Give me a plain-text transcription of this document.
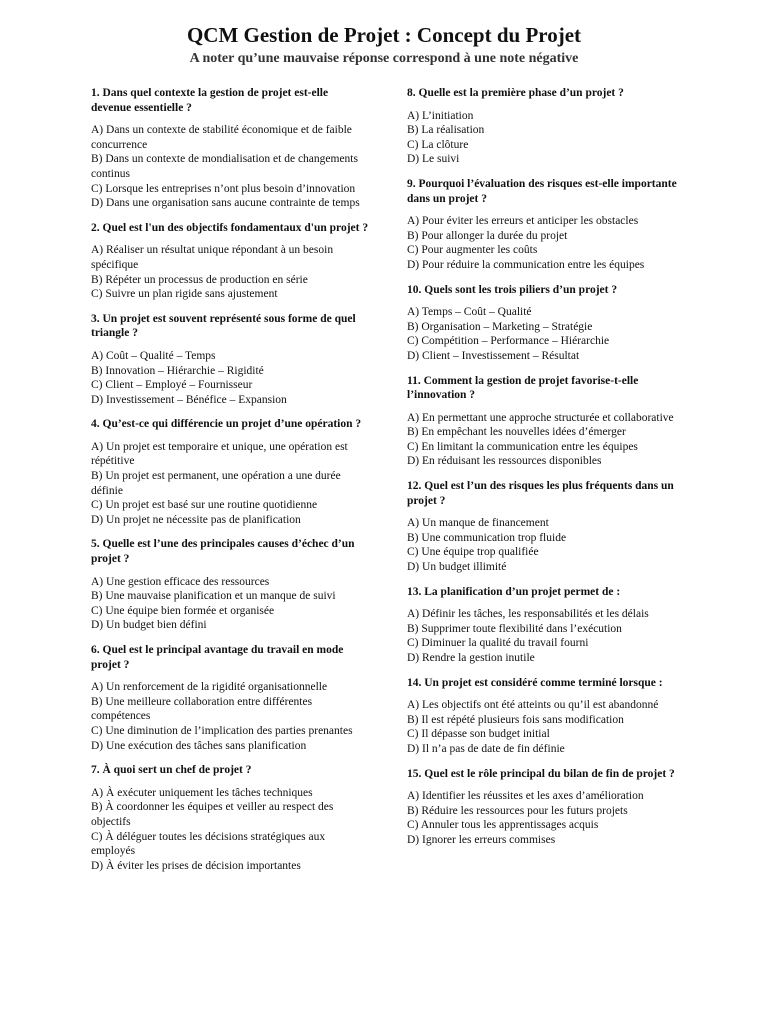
QCM Gestion de Projet : Concept du Projet

A noter qu’une mauvaise réponse correspond à une note négative

1. Dans quel contexte la gestion de projet est-elle devenue essentielle ?

A) Dans un contexte de stabilité économique et de faible concurrence
B) Dans un contexte de mondialisation et de changements continus
C) Lorsque les entreprises n’ont plus besoin d’innovation
D) Dans une organisation sans aucune contrainte de temps

2. Quel est l'un des objectifs fondamentaux d'un projet ?

A) Réaliser un résultat unique répondant à un besoin spécifique
B) Répéter un processus de production en série
C) Suivre un plan rigide sans ajustement

3. Un projet est souvent représenté sous forme de quel triangle ?

A) Coût – Qualité – Temps
B) Innovation – Hiérarchie – Rigidité
C) Client – Employé – Fournisseur
D) Investissement – Bénéfice – Expansion

4. Qu’est-ce qui différencie un projet d’une opération ?

A) Un projet est temporaire et unique, une opération est répétitive
B) Un projet est permanent, une opération a une durée définie
C) Un projet est basé sur une routine quotidienne
D) Un projet ne nécessite pas de planification

5. Quelle est l’une des principales causes d’échec d’un projet ?

A) Une gestion efficace des ressources
B) Une mauvaise planification et un manque de suivi
C) Une équipe bien formée et organisée
D) Un budget bien défini

6. Quel est le principal avantage du travail en mode projet ?

A) Un renforcement de la rigidité organisationnelle
B) Une meilleure collaboration entre différentes compétences
C) Une diminution de l’implication des parties prenantes
D) Une exécution des tâches sans planification

7. À quoi sert un chef de projet ?

A) À exécuter uniquement les tâches techniques
B) À coordonner les équipes et veiller au respect des objectifs
C) À déléguer toutes les décisions stratégiques aux employés
D) À éviter les prises de décision importantes

8. Quelle est la première phase d’un projet ?

A) L’initiation
B) La réalisation
C) La clôture
D) Le suivi

9. Pourquoi l’évaluation des risques est-elle importante dans un projet ?

A) Pour éviter les erreurs et anticiper les obstacles
B) Pour allonger la durée du projet
C) Pour augmenter les coûts
D) Pour réduire la communication entre les équipes

10. Quels sont les trois piliers d’un projet ?

A) Temps – Coût – Qualité
B) Organisation – Marketing – Stratégie
C) Compétition – Performance – Hiérarchie
D) Client – Investissement – Résultat

11. Comment la gestion de projet favorise-t-elle l’innovation ?

A) En permettant une approche structurée et collaborative
B) En empêchant les nouvelles idées d’émerger
C) En limitant la communication entre les équipes
D) En réduisant les ressources disponibles

12. Quel est l’un des risques les plus fréquents dans un projet ?

A) Un manque de financement
B) Une communication trop fluide
C) Une équipe trop qualifiée
D) Un budget illimité

13. La planification d’un projet permet de :

A) Définir les tâches, les responsabilités et les délais
B) Supprimer toute flexibilité dans l’exécution
C) Diminuer la qualité du travail fourni
D) Rendre la gestion inutile

14. Un projet est considéré comme terminé lorsque :

A) Les objectifs ont été atteints ou qu’il est abandonné
B) Il est répété plusieurs fois sans modification
C) Il dépasse son budget initial
D) Il n’a pas de date de fin définie

15. Quel est le rôle principal du bilan de fin de projet ?

A) Identifier les réussites et les axes d’amélioration
B) Réduire les ressources pour les futurs projets
C) Annuler tous les apprentissages acquis
D) Ignorer les erreurs commises
